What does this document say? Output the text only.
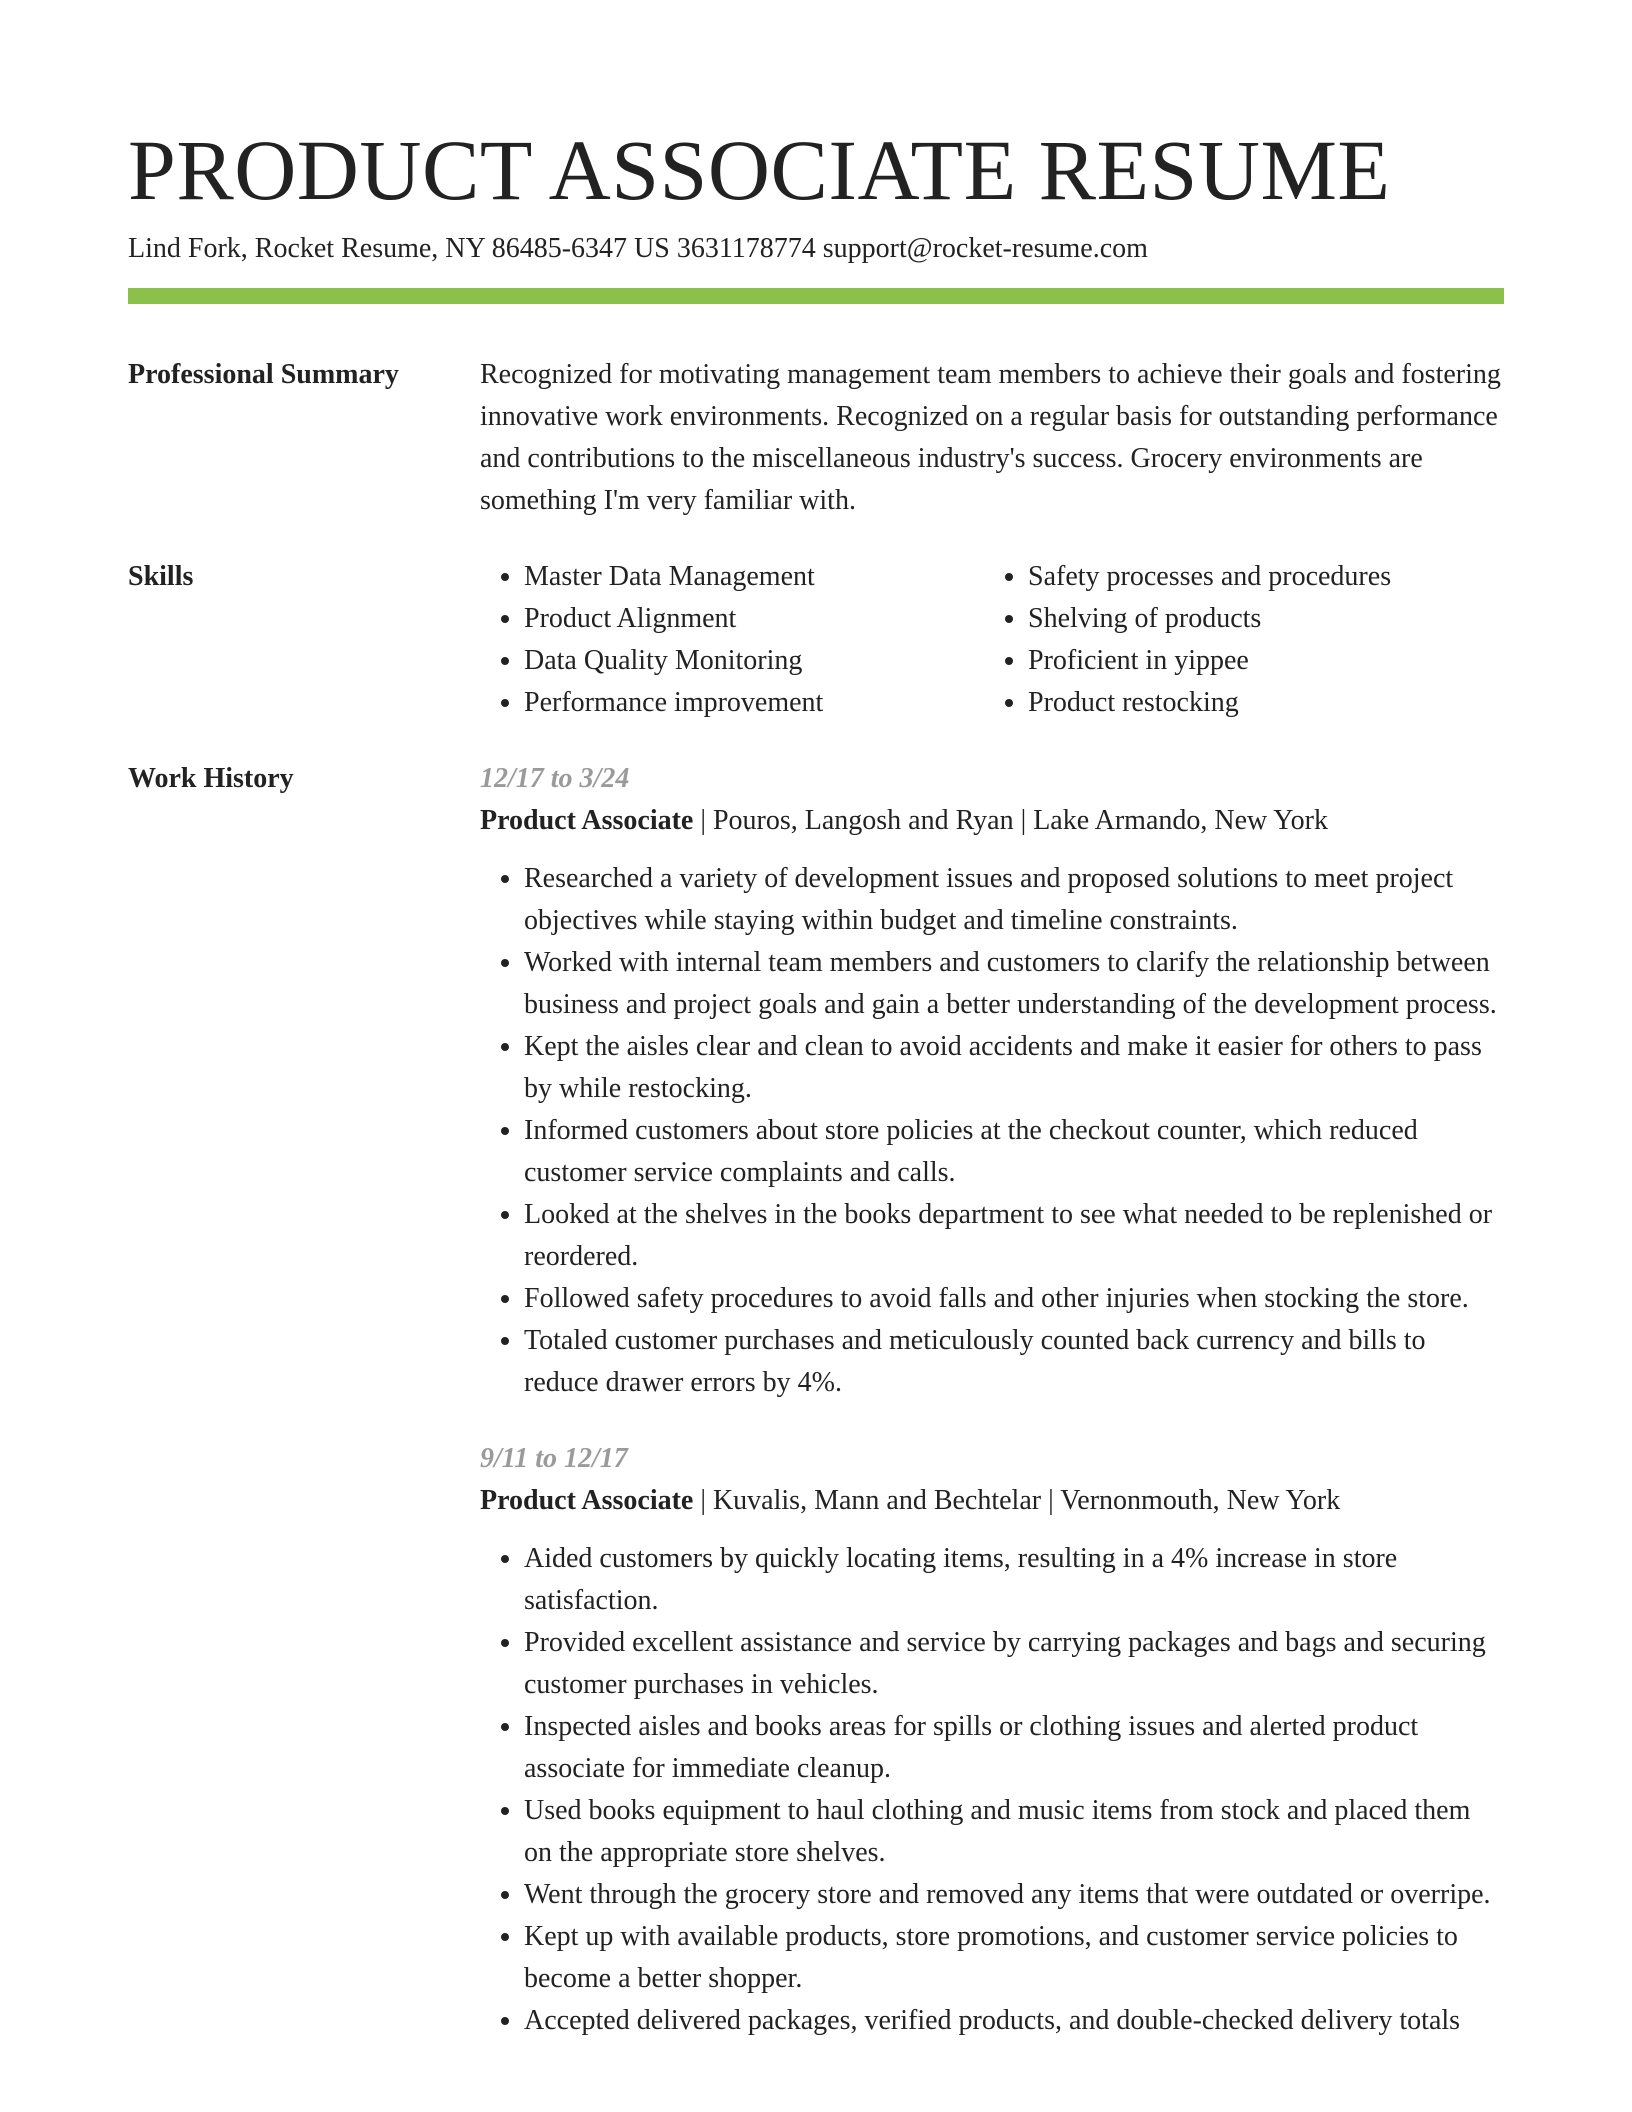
PRODUCT ASSOCIATE RESUME
Lind Fork, Rocket Resume, NY 86485-6347 US 3631178774 support@rocket-resume.com
Professional Summary	Recognized for motivating management team members to achieve their goals and fostering innovative work environments. Recognized on a regular basis for outstanding performance and contributions to the miscellaneous industry's success. Grocery environments are something I'm very familiar with.

Skills
•	Master Data Management
• Product Alignment
• Data Quality Monitoring
• Performance improvement
• Safety processes and procedures
• Shelving of products
• Proficient in yippee
• Product restocking
Work History	12/17 to 3/24
Product Associate | Pouros, Langosh and Ryan | Lake Armando, New York
• Researched a variety of development issues and proposed solutions to meet project objectives while staying within budget and timeline constraints.
• Worked with internal team members and customers to clarify the relationship between business and project goals and gain a better understanding of the development process.
• Kept the aisles clear and clean to avoid accidents and make it easier for others to pass by while restocking.
• Informed customers about store policies at the checkout counter, which reduced customer service complaints and calls.
• Looked at the shelves in the books department to see what needed to be replenished or reordered.
• Followed safety procedures to avoid falls and other injuries when stocking the store.
• Totaled customer purchases and meticulously counted back currency and bills to reduce drawer errors by 4%.
9/11 to 12/17
Product Associate | Kuvalis, Mann and Bechtelar | Vernonmouth, New York
• Aided customers by quickly locating items, resulting in a 4% increase in store satisfaction.
• Provided excellent assistance and service by carrying packages and bags and securing customer purchases in vehicles.
• Inspected aisles and books areas for spills or clothing issues and alerted product associate for immediate cleanup.
• Used books equipment to haul clothing and music items from stock and placed them on the appropriate store shelves.
• Went through the grocery store and removed any items that were outdated or overripe.
• Kept up with available products, store promotions, and customer service policies to become a better shopper.
• Accepted delivered packages, verified products, and double-checked delivery totals
